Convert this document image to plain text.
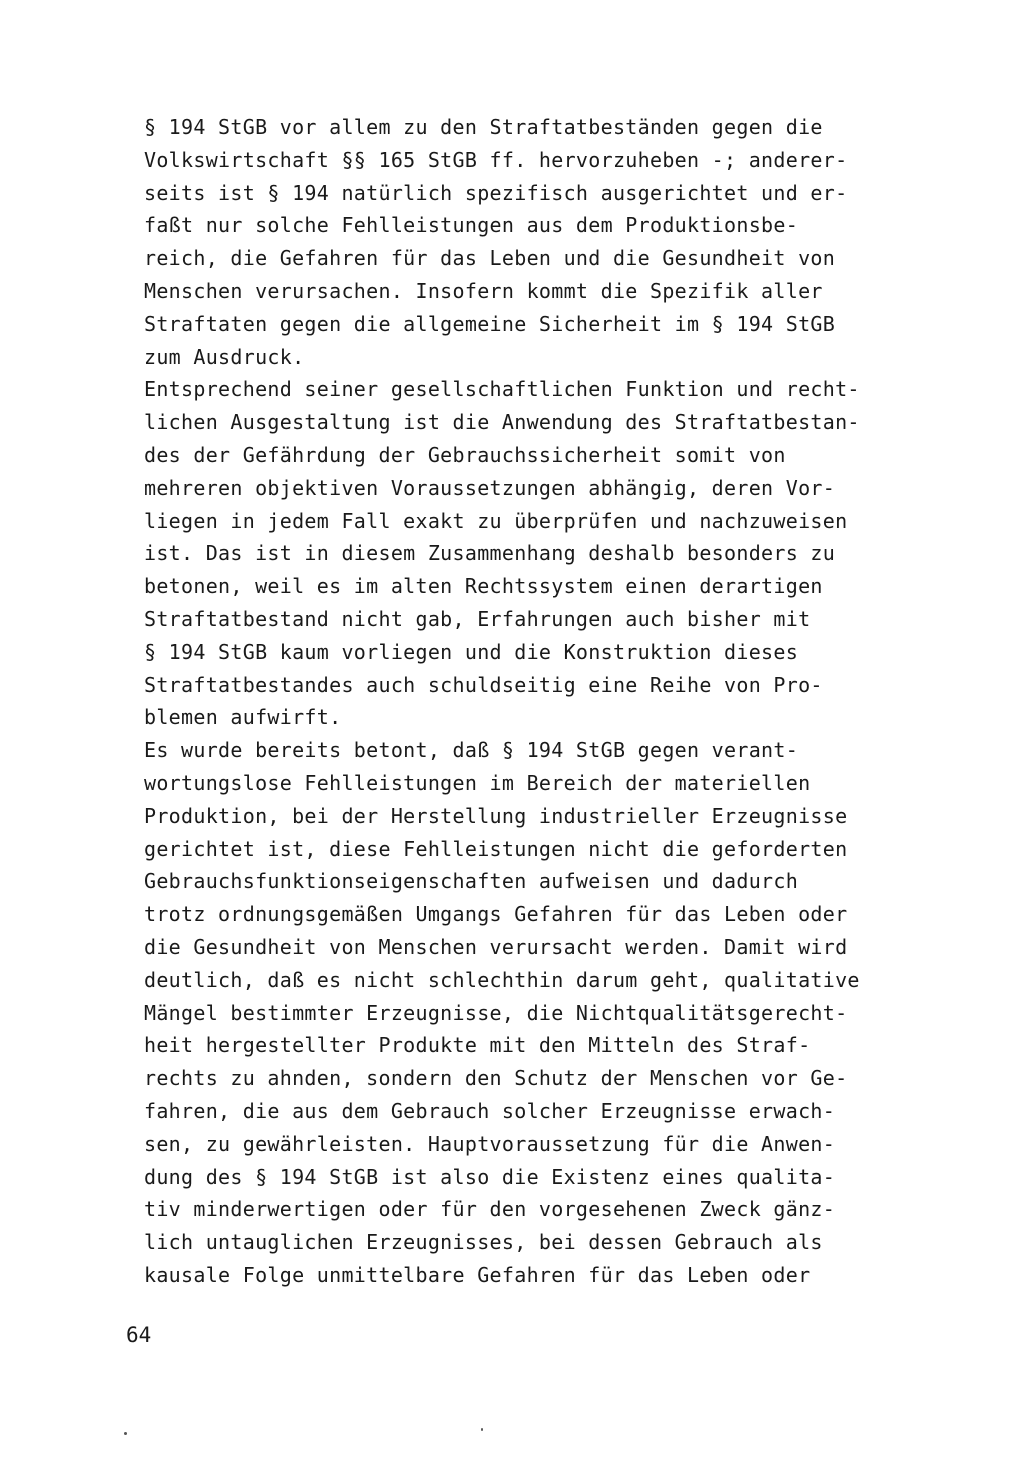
§ 194 StGB vor allem zu den Straftatbeständen gegen die
Volkswirtschaft §§ 165 StGB ff. hervorzuheben -; anderer-
seits ist § 194 natürlich spezifisch ausgerichtet und er-
faßt nur solche Fehlleistungen aus dem Produktionsbe-
reich, die Gefahren für das Leben und die Gesundheit von
Menschen verursachen. Insofern kommt die Spezifik aller
Straftaten gegen die allgemeine Sicherheit im § 194 StGB
zum Ausdruck.
Entsprechend seiner gesellschaftlichen Funktion und recht-
lichen Ausgestaltung ist die Anwendung des Straftatbestan-
des der Gefährdung der Gebrauchssicherheit somit von
mehreren objektiven Voraussetzungen abhängig, deren Vor-
liegen in jedem Fall exakt zu überprüfen und nachzuweisen
ist. Das ist in diesem Zusammenhang deshalb besonders zu
betonen, weil es im alten Rechtssystem einen derartigen
Straftatbestand nicht gab, Erfahrungen auch bisher mit
§ 194 StGB kaum vorliegen und die Konstruktion dieses
Straftatbestandes auch schuldseitig eine Reihe von Pro-
blemen aufwirft.
Es wurde bereits betont, daß § 194 StGB gegen verant-
wortungslose Fehlleistungen im Bereich der materiellen
Produktion, bei der Herstellung industrieller Erzeugnisse
gerichtet ist, diese Fehlleistungen nicht die geforderten
Gebrauchsfunktionseigenschaften aufweisen und dadurch
trotz ordnungsgemäßen Umgangs Gefahren für das Leben oder
die Gesundheit von Menschen verursacht werden. Damit wird
deutlich, daß es nicht schlechthin darum geht, qualitative
Mängel bestimmter Erzeugnisse, die Nichtqualitätsgerecht-
heit hergestellter Produkte mit den Mitteln des Straf-
rechts zu ahnden, sondern den Schutz der Menschen vor Ge-
fahren, die aus dem Gebrauch solcher Erzeugnisse erwach-
sen, zu gewährleisten. Hauptvoraussetzung für die Anwen-
dung des § 194 StGB ist also die Existenz eines qualita-
tiv minderwertigen oder für den vorgesehenen Zweck gänz-
lich untauglichen Erzeugnisses, bei dessen Gebrauch als
kausale Folge unmittelbare Gefahren für das Leben oder
64
